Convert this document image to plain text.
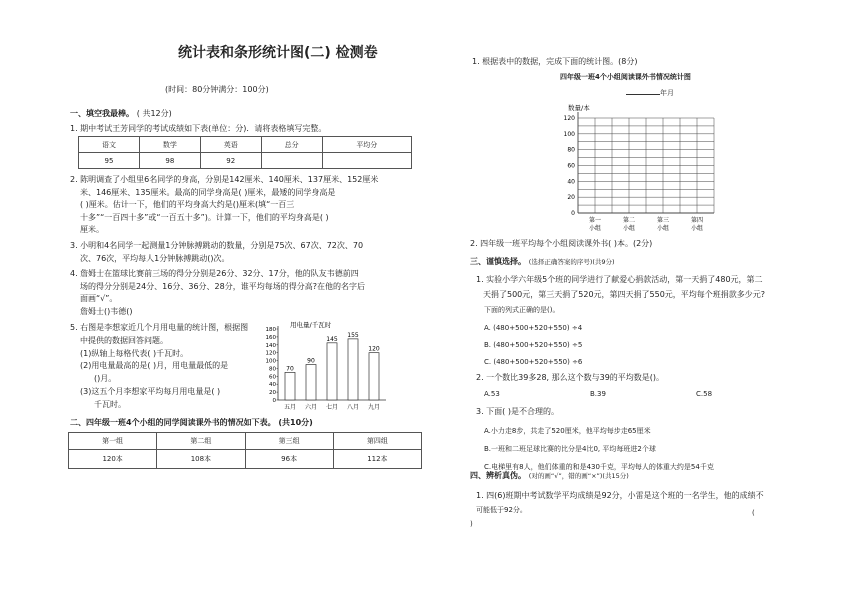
统计表和条形统计图(二) 检测卷
(时间：80分钟满分：100分)
一、填空我最棒。 ( 共12分)
1. 期中考试王芳同学的考试成绩如下表(单位：分)．请将表格填写完整。
语文	数学	英语	总分	平均分
95	98	92		
2. 陈明调查了小组里6名同学的身高，分别是142厘米、140厘米、137厘米、152厘米
米、146厘米、135厘米。最高的同学身高是( )厘米，最矮的同学身高是
( )厘米。估计一下，他们的平均身高大约是()厘米(填“一百三
十多”“一百四十多”或“一百五十多”)。计算一下，他们的平均身高是( )
厘米。
3. 小明和4名同学一起测量1分钟脉搏跳动的数量，分别是75次、67次、72次、70
次、76次，平均每人1分钟脉搏跳动()次。
4. 詹姆士在篮球比赛前三场的得分分别是26分、32分、17分，他的队友韦德前四
场的得分分别是24分、16分、36分、28分，谁平均每场的得分高?在他的名字后
面画“√”。
詹姆士()韦德()
5. 右图是李想家近几个月用电量的统计图，根据图
中提供的数据回答问题。
(1)纵轴上每格代表( )千瓦时。
(2)用电量最高的是( )月，用电量最低的是
()月。
(3)这五个月李想家平均每月用电量是( )
千瓦时。
用电量/千瓦时
180
160
140
120
100
80
60
40
20
0
70
90
145
155
120
五月 六月 七月 八月 九月
二、四年级一班4个小组的同学阅读课外书的情况如下表。 (共10分)
第一组	第二组	第三组	第四组
120本	108本	96本	112本
1. 根据表中的数据，完成下面的统计图。(8分)
四年级一班4个小组阅读课外书情况统计图
年月
数量/本
120
100
80
60
40
20
0
第一
小组
第二
小组
第三
小组
第四
小组
2. 四年级一班平均每个小组阅读课外书( )本。(2分)
三、谨慎选择。 (选择正确答案的序号)(共9分)
1. 实验小学六年级5个班的同学进行了献爱心捐款活动，第一天捐了480元，第二
天捐了500元，第三天捐了520元，第四天捐了550元，平均每个班捐款多少元?
下面的列式正确的是()。
A. (480+500+520+550) ÷4
B. (480+500+520+550) ÷5
C. (480+500+520+550) ÷6
2. 一个数比39多28, 那么这个数与39的平均数是()。
A.53	B.39	C.58
3. 下面( )是不合理的。
A.小力走8步，共走了520厘米，他平均每步走65厘米
B.一班和二班足球比赛的比分是4比0, 平均每班进2个球
C.电梯里有8人，他们体重的和是430千克，平均每人的体重大约是54千克
四、辨析真伪。 (对的画“√”，错的画“×”)(共15分)
1. 四(6)班期中考试数学平均成绩是92分，小雷是这个班的一名学生，他的成绩不
可能低于92分。	(
)
